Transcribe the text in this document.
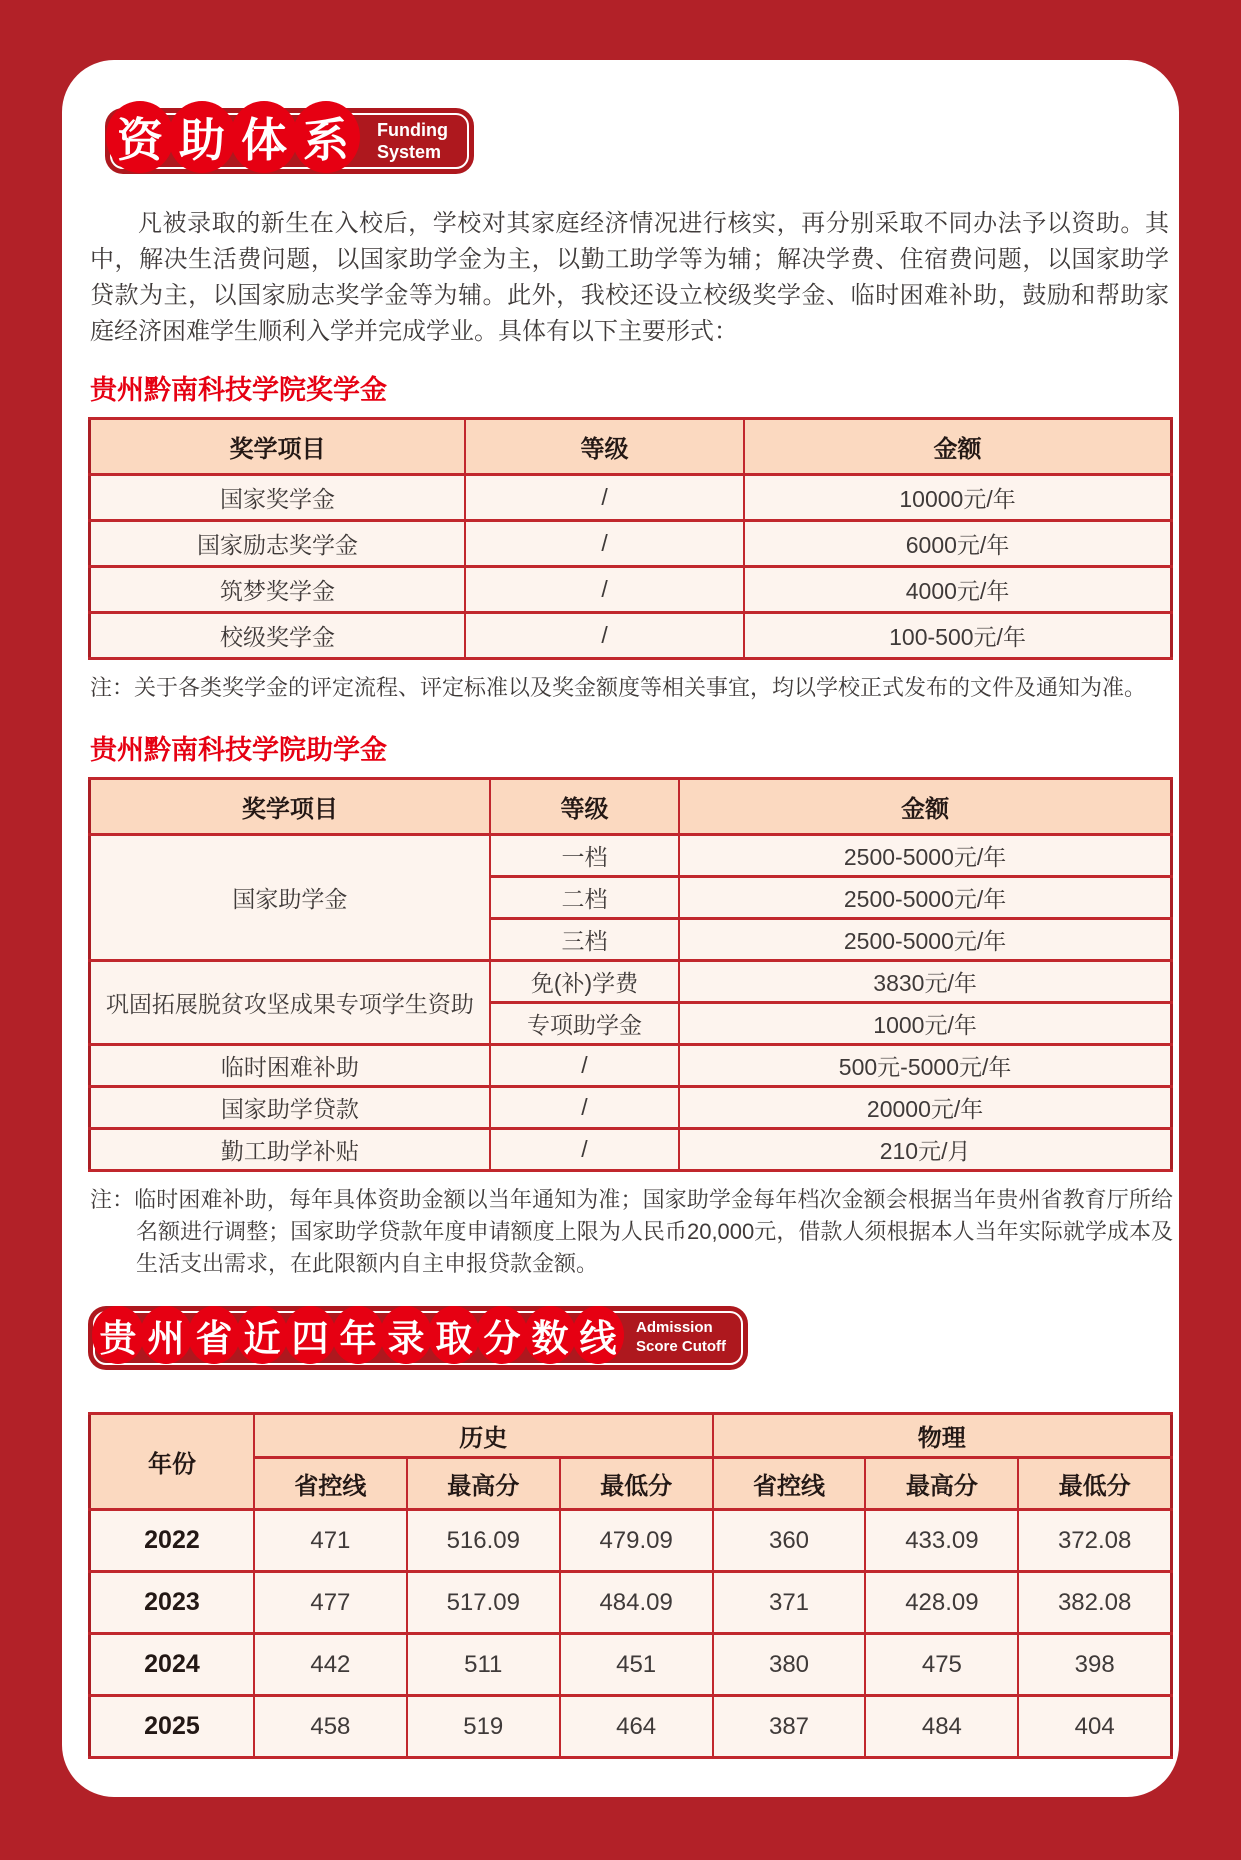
资 助 体 系	Funding
System

凡被录取的新生在入校后，学校对其家庭经济情况进行核实，再分别采取不同办法予以资助。其中，解决生活费问题，以国家助学金为主，以勤工助学等为辅；解决学费、住宿费问题，以国家助学贷款为主，以国家励志奖学金等为辅。此外，我校还设立校级奖学金、临时困难补助，鼓励和帮助家庭经济困难学生顺利入学并完成学业。具体有以下主要形式：

贵州黔南科技学院奖学金
奖学项目	等级	金额
国家奖学金	/	10000元/年
国家励志奖学金	/	6000元/年
筑梦奖学金	/	4000元/年
校级奖学金	/	100-500元/年

注：关于各类奖学金的评定流程、评定标准以及奖金额度等相关事宜，均以学校正式发布的文件及通知为准。

贵州黔南科技学院助学金
奖学项目	等级	金额
国家助学金	一档	2500-5000元/年
	二档	2500-5000元/年
	三档	2500-5000元/年
巩固拓展脱贫攻坚成果专项学生资助	免(补)学费	3830元/年
	专项助学金	1000元/年
临时困难补助	/	500元-5000元/年
国家助学贷款	/	20000元/年
勤工助学补贴	/	210元/月

注：临时困难补助，每年具体资助金额以当年通知为准；国家助学金每年档次金额会根据当年贵州省教育厅所给名额进行调整；国家助学贷款年度申请额度上限为人民币20,000元，借款人须根据本人当年实际就学成本及生活支出需求，在此限额内自主申报贷款金额。

贵 州 省 近 四 年 录 取 分 数 线	Admission
Score Cutoff
年份	历史			物理		
	省控线	最高分	最低分	省控线	最高分	最低分
2022	471	516.09	479.09	360	433.09	372.08
2023	477	517.09	484.09	371	428.09	382.08
2024	442	511	451	380	475	398
2025	458	519	464	387	484	404
